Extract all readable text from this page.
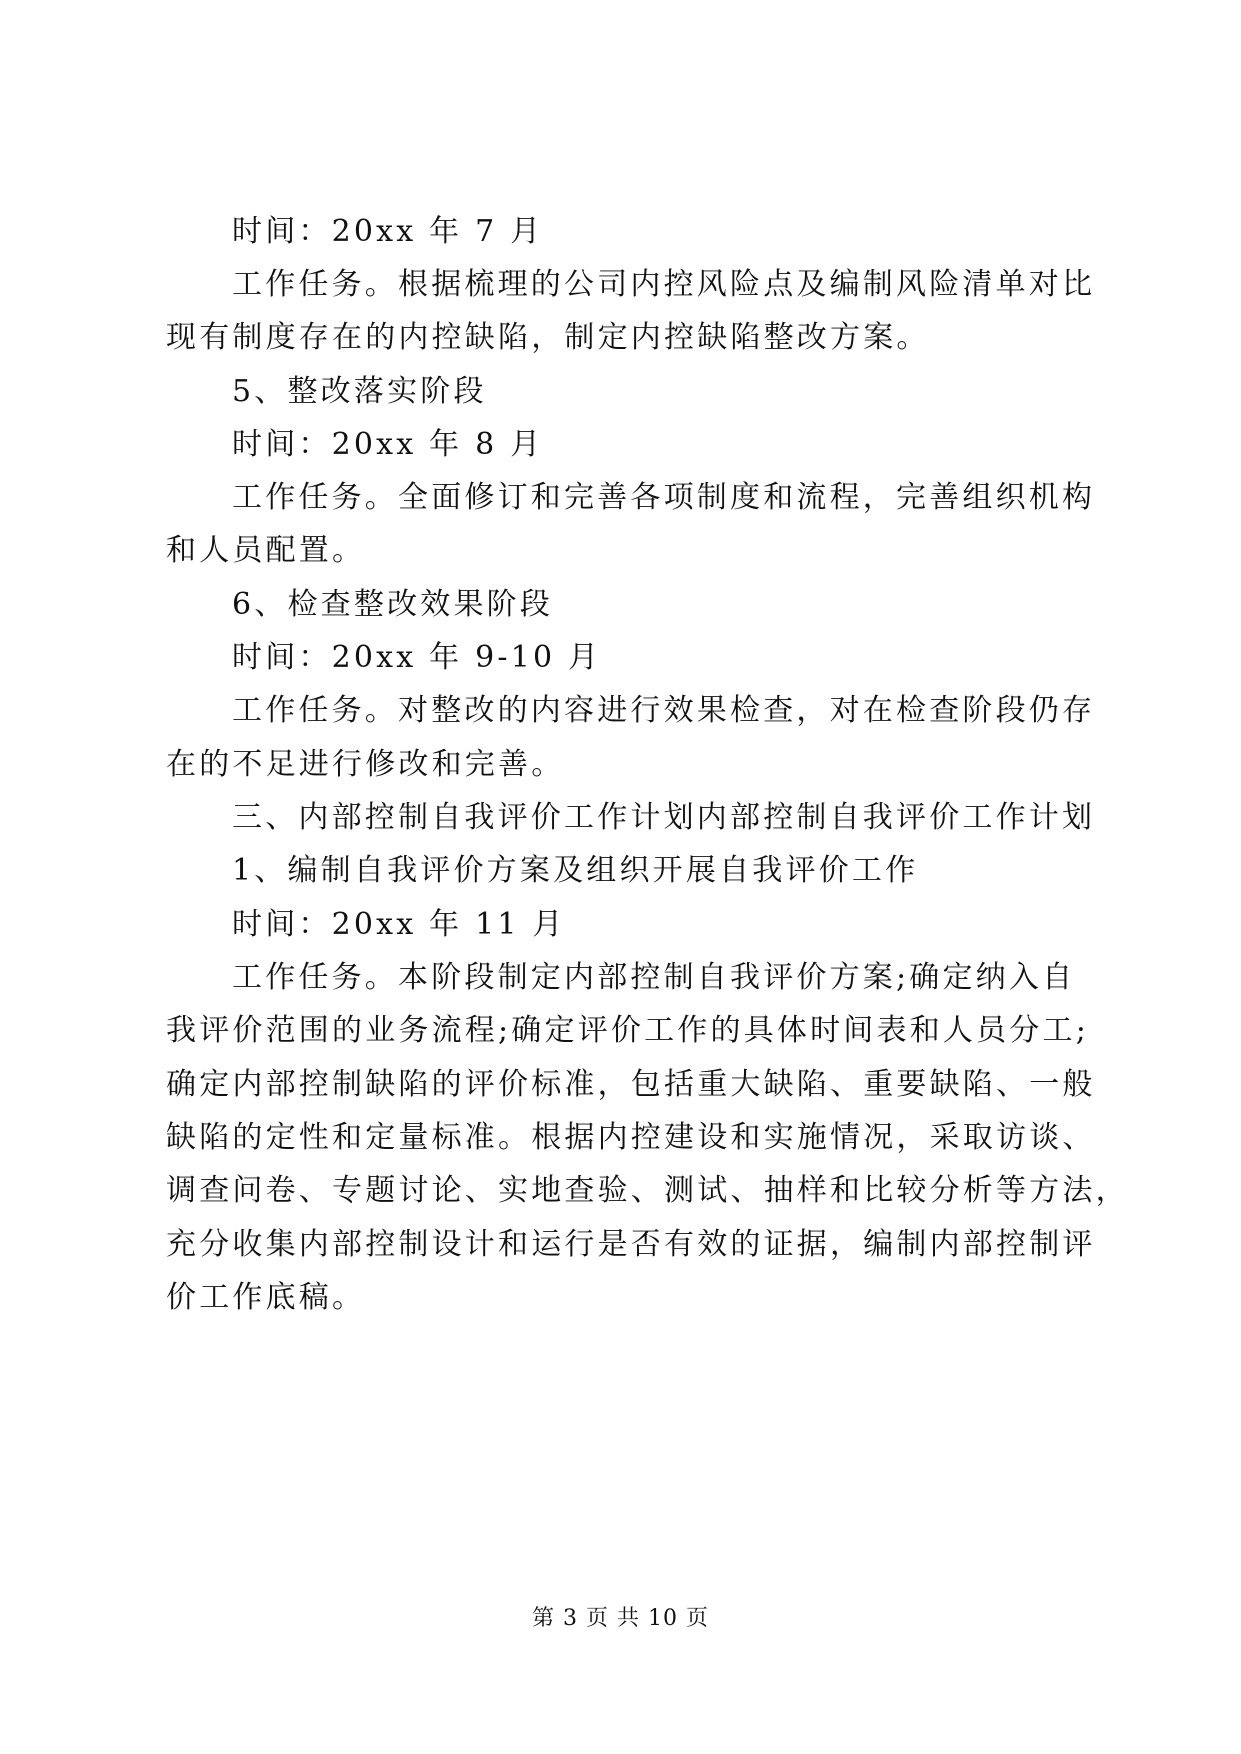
时间：20xx 年 7 月

工作任务。根据梳理的公司内控风险点及编制风险清单对比

现有制度存在的内控缺陷，制定内控缺陷整改方案。

5、整改落实阶段

时间：20xx 年 8 月

工作任务。全面修订和完善各项制度和流程，完善组织机构

和人员配置。

6、检查整改效果阶段

时间：20xx 年 9-10 月

工作任务。对整改的内容进行效果检查，对在检查阶段仍存

在的不足进行修改和完善。

三、内部控制自我评价工作计划内部控制自我评价工作计划

1、编制自我评价方案及组织开展自我评价工作

时间：20xx 年 11 月

工作任务。本阶段制定内部控制自我评价方案;确定纳入自

我评价范围的业务流程;确定评价工作的具体时间表和人员分工;

确定内部控制缺陷的评价标准，包括重大缺陷、重要缺陷、一般

缺陷的定性和定量标准。根据内控建设和实施情况，采取访谈、

调查问卷、专题讨论、实地查验、测试、抽样和比较分析等方法，

充分收集内部控制设计和运行是否有效的证据，编制内部控制评

价工作底稿。

第 3 页 共 10 页
